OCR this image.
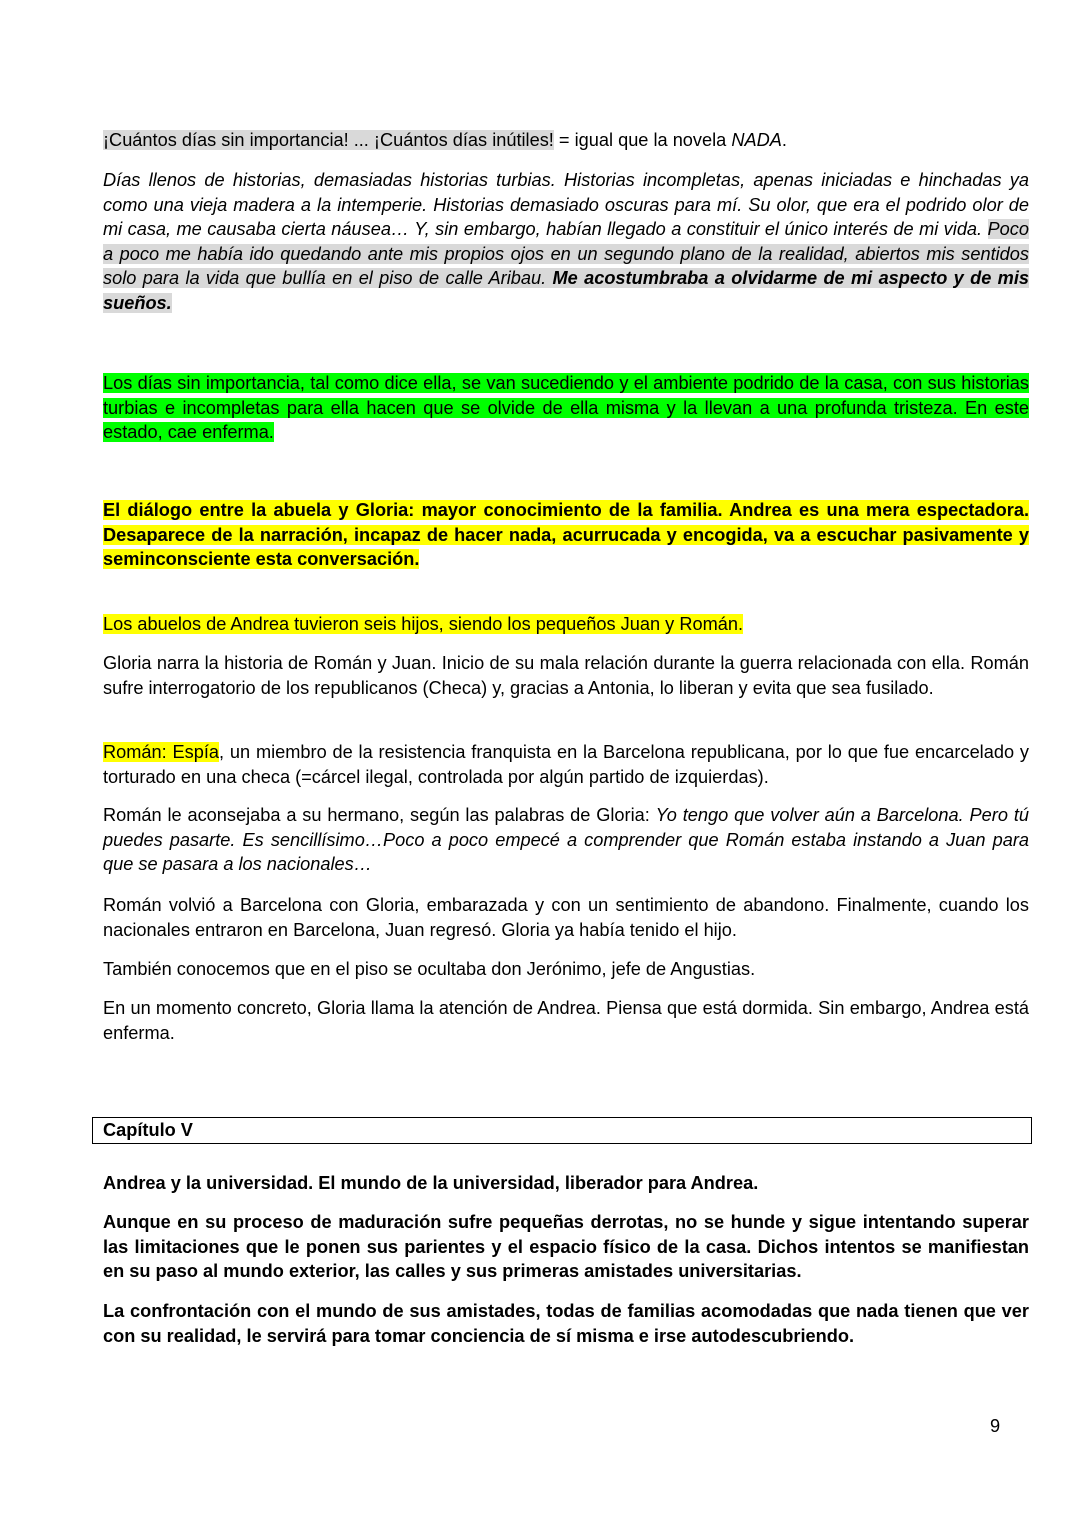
¡Cuántos días sin importancia! ... ¡Cuántos días inútiles! = igual que la novela NADA.

Días llenos de historias, demasiadas historias turbias. Historias incompletas, apenas iniciadas e hinchadas ya como una vieja madera a la intemperie. Historias demasiado oscuras para mí. Su olor, que era el podrido olor de mi casa, me causaba cierta náusea… Y, sin embargo, habían llegado a constituir el único interés de mi vida. Poco a poco me había ido quedando ante mis propios ojos en un segundo plano de la realidad, abiertos mis sentidos solo para la vida que bullía en el piso de calle Aribau. Me acostumbraba a olvidarme de mi aspecto y de mis sueños.

Los días sin importancia, tal como dice ella, se van sucediendo y el ambiente podrido de la casa, con sus historias turbias e incompletas para ella hacen que se olvide de ella misma y la llevan a una profunda tristeza. En este estado, cae enferma.

El diálogo entre la abuela y Gloria: mayor conocimiento de la familia. Andrea es una mera espectadora. Desaparece de la narración, incapaz de hacer nada, acurrucada y encogida, va a escuchar pasivamente y seminconsciente esta conversación.

Los abuelos de Andrea tuvieron seis hijos, siendo los pequeños Juan y Román.

Gloria narra la historia de Román y Juan. Inicio de su mala relación durante la guerra relacionada con ella. Román sufre interrogatorio de los republicanos (Checa) y, gracias a Antonia, lo liberan y evita que sea fusilado.

Román: Espía, un miembro de la resistencia franquista en la Barcelona republicana, por lo que fue encarcelado y torturado en una checa (=cárcel ilegal, controlada por algún partido de izquierdas).

Román le aconsejaba a su hermano, según las palabras de Gloria: Yo tengo que volver aún a Barcelona. Pero tú puedes pasarte. Es sencillísimo…Poco a poco empecé a comprender que Román estaba instando a Juan para que se pasara a los nacionales…

Román volvió a Barcelona con Gloria, embarazada y con un sentimiento de abandono. Finalmente, cuando los nacionales entraron en Barcelona, Juan regresó. Gloria ya había tenido el hijo.

También conocemos que en el piso se ocultaba don Jerónimo, jefe de Angustias.

En un momento concreto, Gloria llama la atención de Andrea. Piensa que está dormida. Sin embargo, Andrea está enferma.

Capítulo V

Andrea y la universidad. El mundo de la universidad, liberador para Andrea.

Aunque en su proceso de maduración sufre pequeñas derrotas, no se hunde y sigue intentando superar las limitaciones que le ponen sus parientes y el espacio físico de la casa. Dichos intentos se manifiestan en su paso al mundo exterior, las calles y sus primeras amistades universitarias.

La confrontación con el mundo de sus amistades, todas de familias acomodadas que nada tienen que ver con su realidad, le servirá para tomar conciencia de sí misma e irse autodescubriendo.

9
